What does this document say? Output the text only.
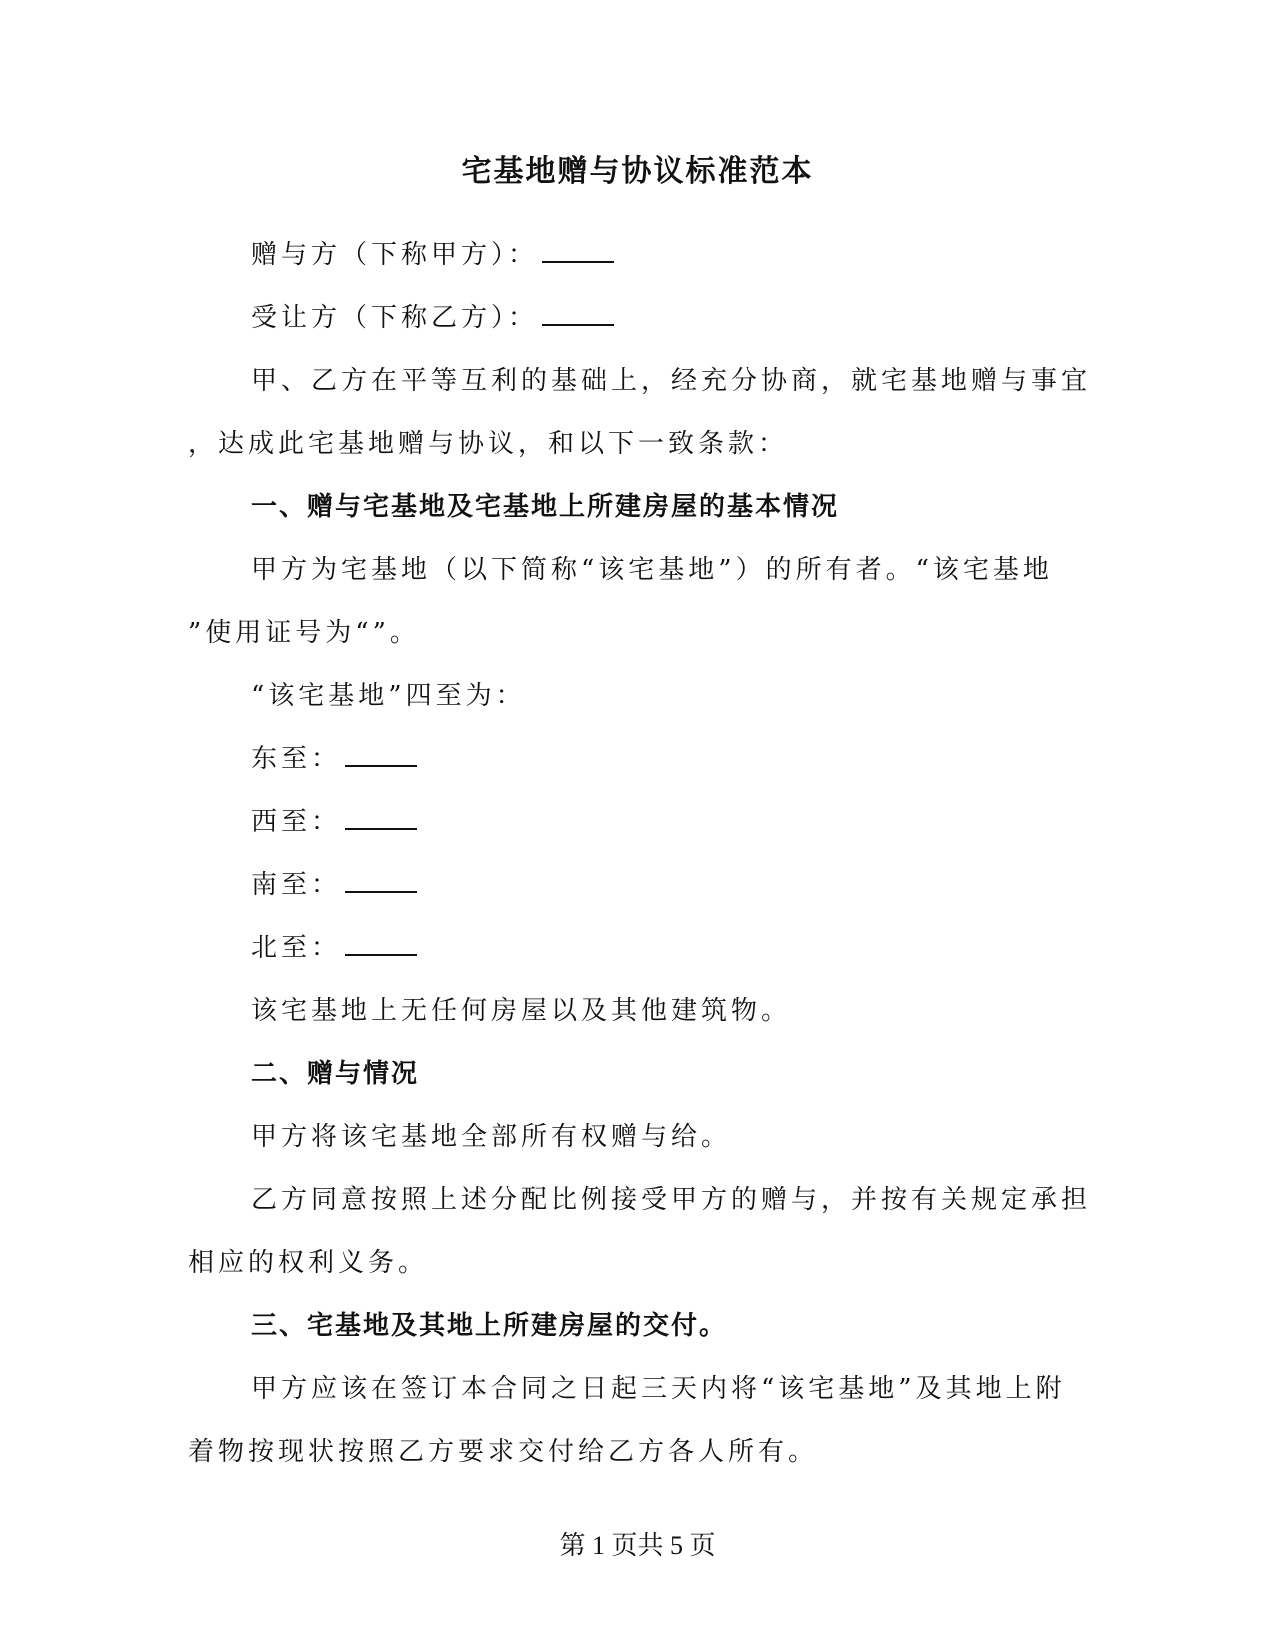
宅基地赠与协议标准范本
赠与方（下称甲方）：
受让方（下称乙方）：
甲、乙方在平等互利的基础上，经充分协商，就宅基地赠与事宜
，达成此宅基地赠与协议，和以下一致条款：
一、赠与宅基地及宅基地上所建房屋的基本情况
甲方为宅基地（以下简称“该宅基地”）的所有者。“该宅基地
”使用证号为“”。
“该宅基地”四至为：
东至：
西至：
南至：
北至：
该宅基地上无任何房屋以及其他建筑物。
二、赠与情况
甲方将该宅基地全部所有权赠与给。
乙方同意按照上述分配比例接受甲方的赠与，并按有关规定承担
相应的权利义务。
三、宅基地及其地上所建房屋的交付。
甲方应该在签订本合同之日起三天内将“该宅基地”及其地上附
着物按现状按照乙方要求交付给乙方各人所有。
第 1 页共 5 页
